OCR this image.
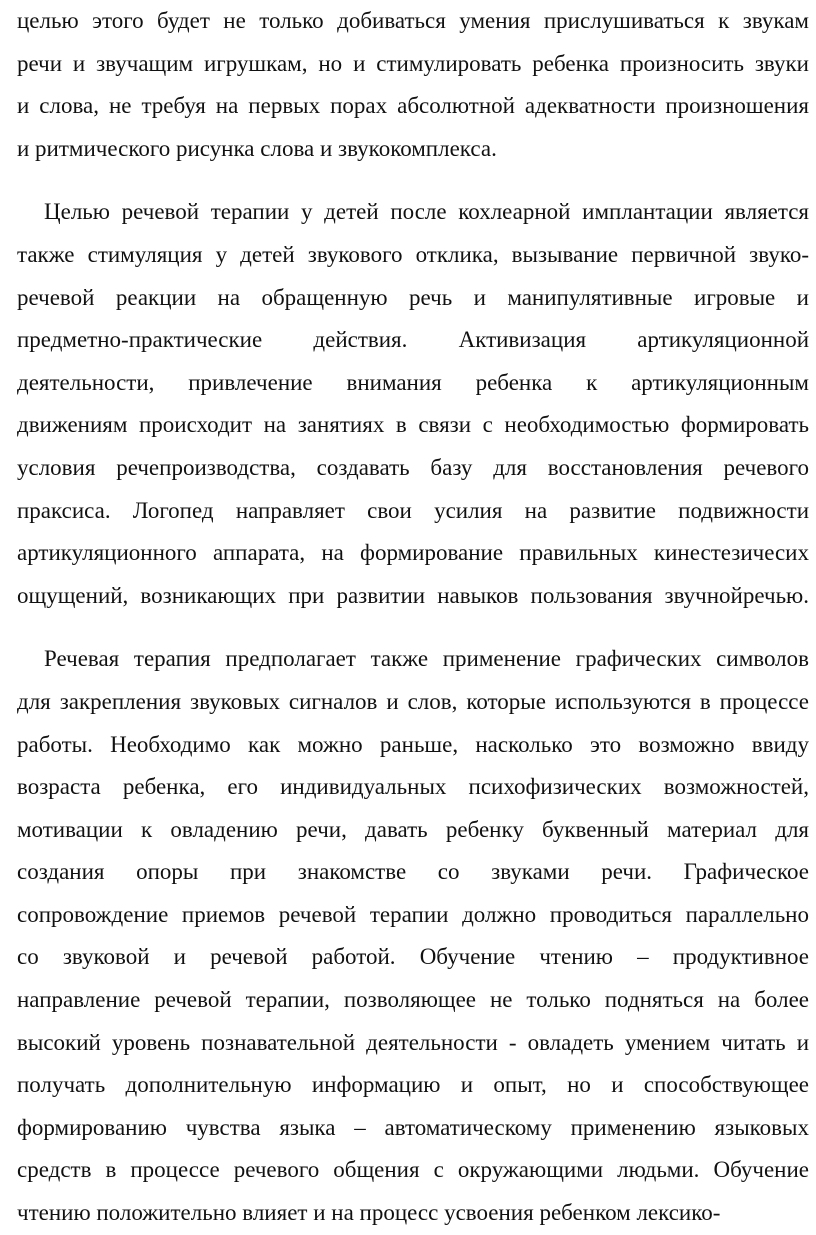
целью этого будет не только добиваться умения прислушиваться к звукам
речи и звучащим игрушкам, но и стимулировать ребенка произносить звуки
и слова, не требуя на первых порах абсолютной адекватности произношения
и ритмического рисунка слова и звукокомплекса.
Целью речевой терапии у детей после кохлеарной имплантации является
также стимуляция у детей звукового отклика, вызывание первичной звуко-
речевой реакции на обращенную речь и манипулятивные игровые и
предметно-практические действия. Активизация артикуляционной
деятельности, привлечение внимания ребенка к артикуляционным
движениям происходит на занятиях в связи с необходимостью формировать
условия речепроизводства, создавать базу для восстановления речевого
праксиса. Логопед направляет свои усилия на развитие подвижности
артикуляционного аппарата, на формирование правильных кинестезичесих
ощущений, возникающих при развитии навыков пользования звучнойречью.
Речевая терапия предполагает также применение графических символов
для закрепления звуковых сигналов и слов, которые используются в процессе
работы. Необходимо как можно раньше, насколько это возможно ввиду
возраста ребенка, его индивидуальных психофизических возможностей,
мотивации к овладению речи, давать ребенку буквенный материал для
создания опоры при знакомстве со звуками речи. Графическое
сопровождение приемов речевой терапии должно проводиться параллельно
со звуковой и речевой работой. Обучение чтению – продуктивное
направление речевой терапии, позволяющее не только подняться на более
высокий уровень познавательной деятельности - овладеть умением читать и
получать дополнительную информацию и опыт, но и способствующее
формированию чувства языка – автоматическому применению языковых
средств в процессе речевого общения с окружающими людьми. Обучение
чтению положительно влияет и на процесс усвоения ребенком лексико-
